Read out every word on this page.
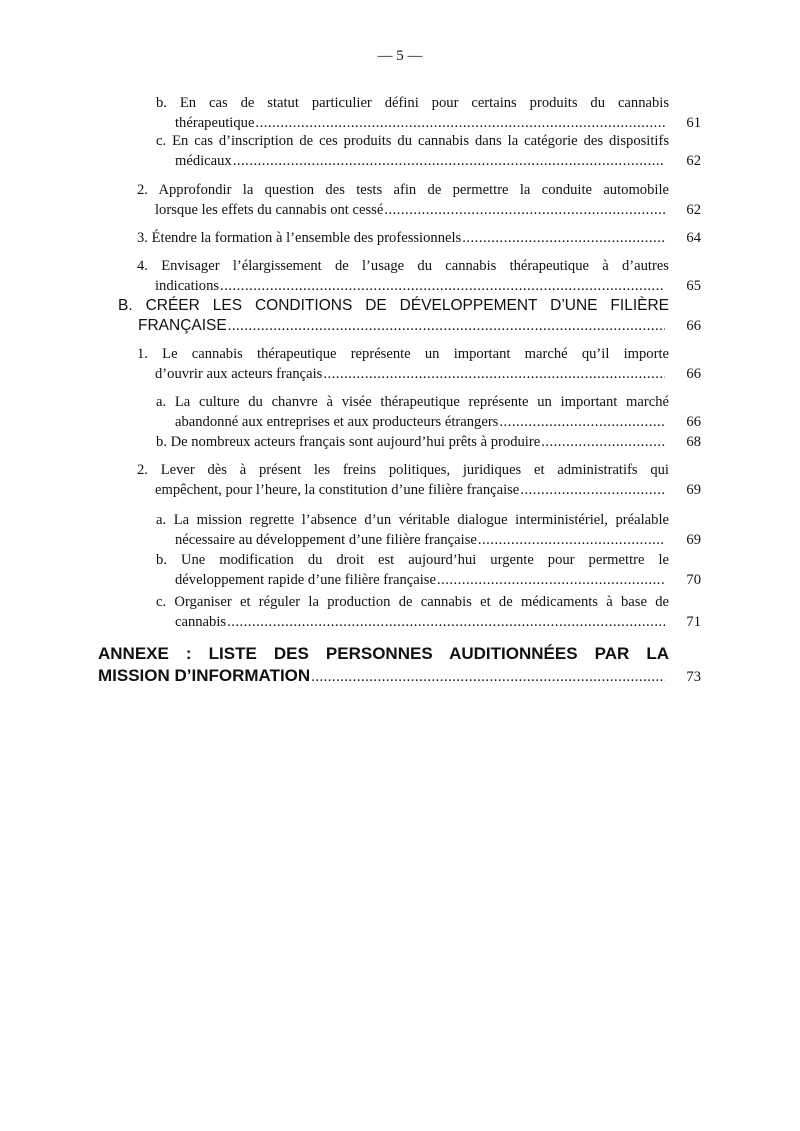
— 5 —
b. En cas de statut particulier défini pour certains produits du cannabis
thérapeutique .....	61
c. En cas d’inscription de ces produits du cannabis dans la catégorie des dispositifs
médicaux .....	62
2. Approfondir la question des tests afin de permettre la conduite automobile
lorsque les effets du cannabis ont cessé .....	62
3. Étendre la formation à l’ensemble des professionnels .....	64
4. Envisager l’élargissement de l’usage du cannabis thérapeutique à d’autres
indications .....	65
B. CRÉER LES CONDITIONS DE DÉVELOPPEMENT D’UNE FILIÈRE
FRANÇAISE .....	66
1. Le cannabis thérapeutique représente un important marché qu’il importe
d’ouvrir aux acteurs français .....	66
a. La culture du chanvre à visée thérapeutique représente un important marché
abandonné aux entreprises et aux producteurs étrangers .....	66
b. De nombreux acteurs français sont aujourd’hui prêts à produire .....	68
2. Lever dès à présent les freins politiques, juridiques et administratifs qui
empêchent, pour l’heure, la constitution d’une filière française .....	69
a. La mission regrette l’absence d’un véritable dialogue interministériel, préalable
nécessaire au développement d’une filière française .....	69
b. Une modification du droit est aujourd’hui urgente pour permettre le
développement rapide d’une filière française .....	70
c. Organiser et réguler la production de cannabis et de médicaments à base de
cannabis .....	71
ANNEXE : LISTE DES PERSONNES AUDITIONNÉES PAR LA
MISSION D’INFORMATION .....	73
